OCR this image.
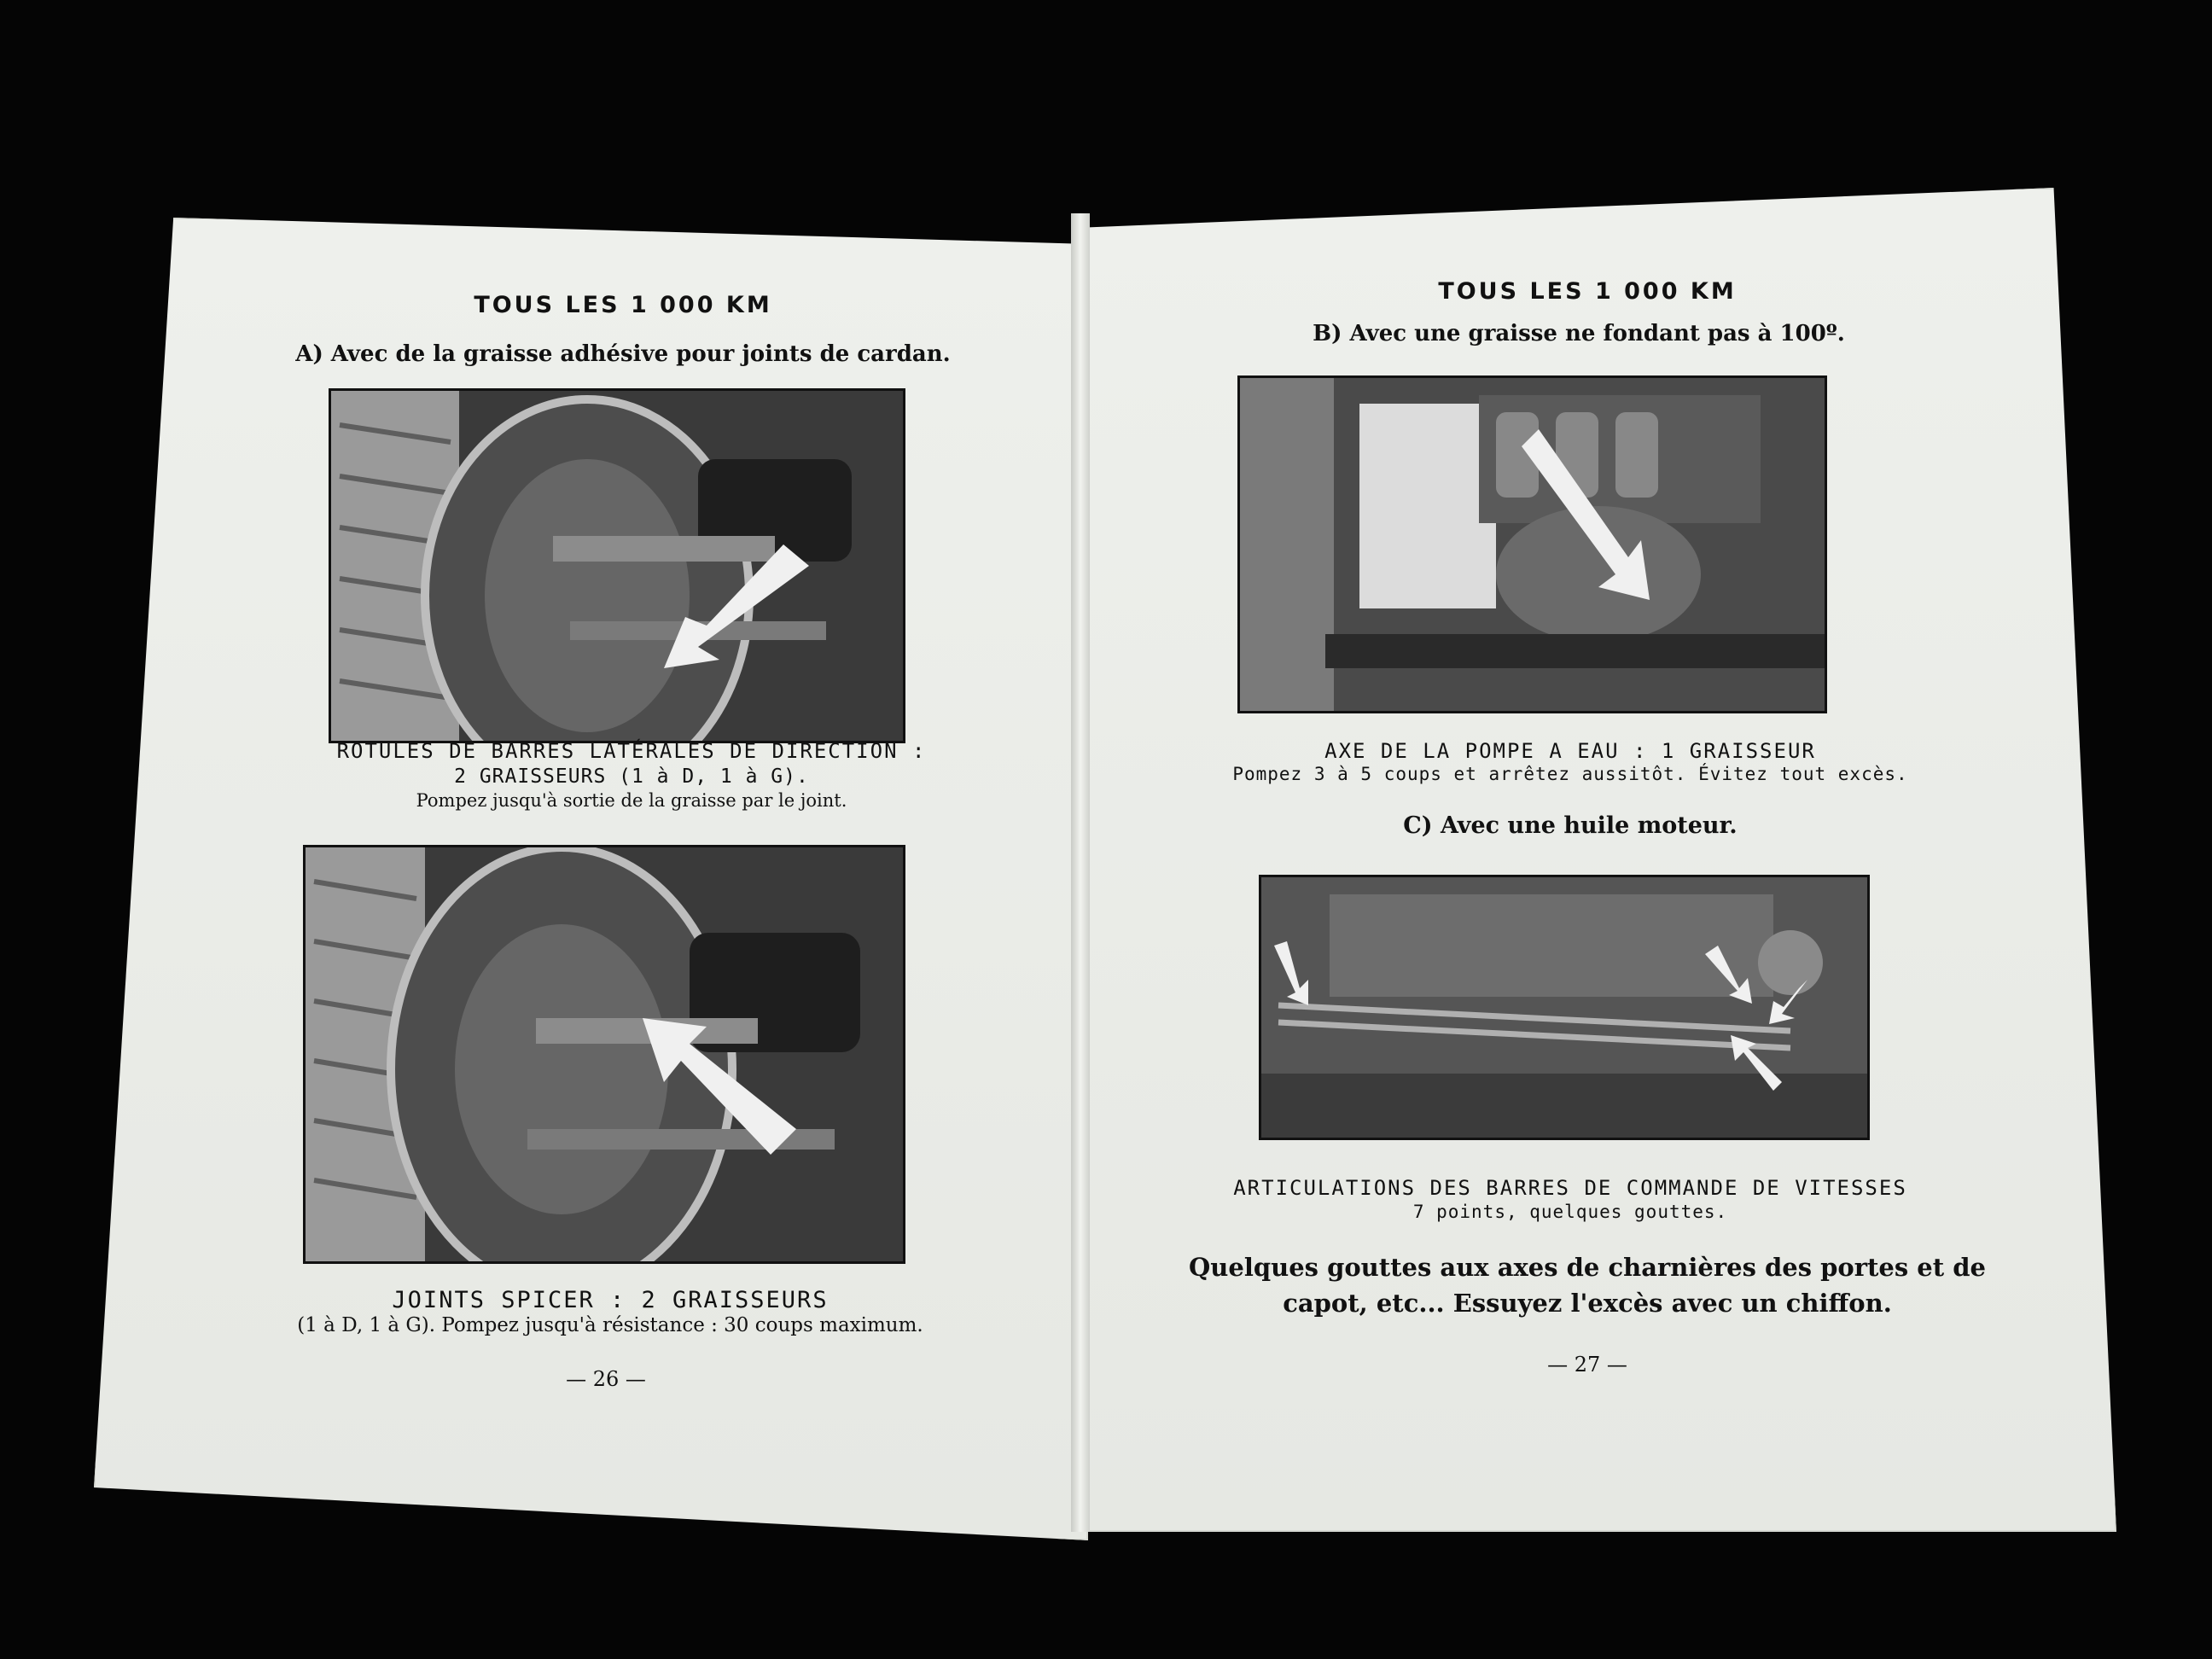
TOUS LES 1 000 KM
A) Avec de la graisse adhésive pour joints de cardan.
ROTULES DE BARRES LATÉRALES DE DIRECTION :
2 GRAISSEURS (1 à D, 1 à G).
Pompez jusqu'à sortie de la graisse par le joint.
JOINTS SPICER : 2 GRAISSEURS
(1 à D, 1 à G). Pompez jusqu'à résistance : 30 coups maximum.
— 26 —
TOUS LES 1 000 KM
B) Avec une graisse ne fondant pas à 100º.
AXE DE LA POMPE A EAU : 1 GRAISSEUR
Pompez 3 à 5 coups et arrêtez aussitôt. Évitez tout excès.
C) Avec une huile moteur.
ARTICULATIONS DES BARRES DE COMMANDE DE VITESSES
7 points, quelques gouttes.
Quelques gouttes aux axes de charnières des portes et de
capot, etc... Essuyez l'excès avec un chiffon.
— 27 —
